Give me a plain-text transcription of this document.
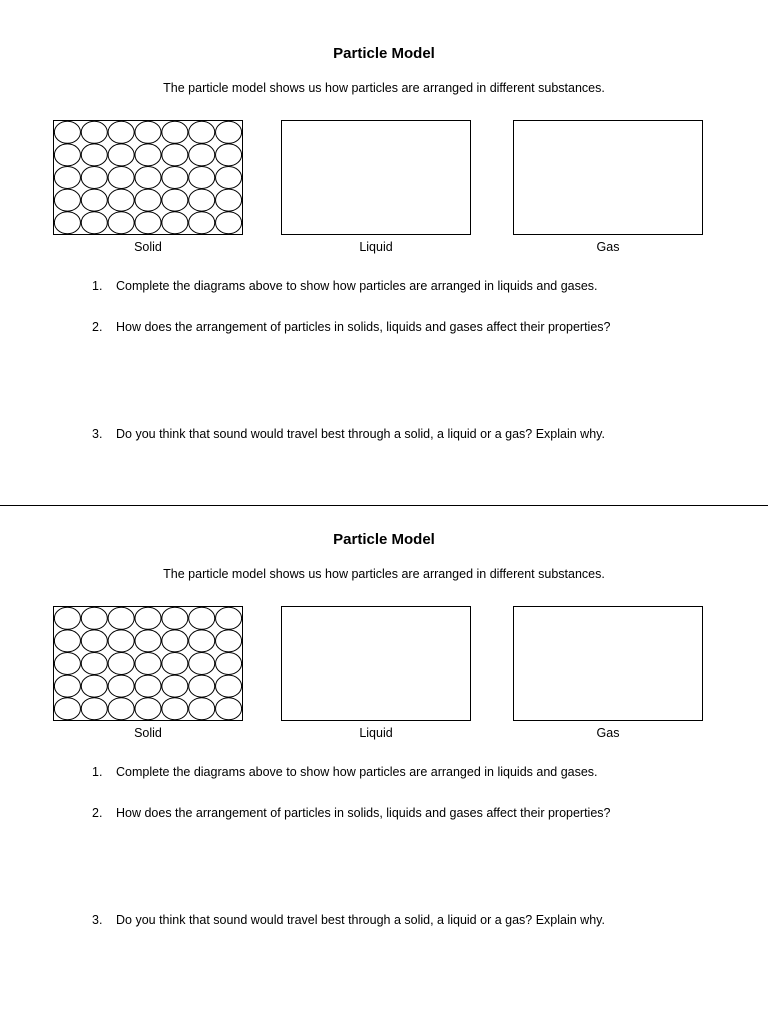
Particle Model
The particle model shows us how particles are arranged in different substances.
Solid	Liquid	Gas
1.	Complete the diagrams above to show how particles are arranged in liquids and gases.
2.	How does the arrangement of particles in solids, liquids and gases affect their properties?
3.	Do you think that sound would travel best through a solid, a liquid or a gas? Explain why.
Particle Model
The particle model shows us how particles are arranged in different substances.
Solid	Liquid	Gas
1.	Complete the diagrams above to show how particles are arranged in liquids and gases.
2.	How does the arrangement of particles in solids, liquids and gases affect their properties?
3.	Do you think that sound would travel best through a solid, a liquid or a gas? Explain why.
